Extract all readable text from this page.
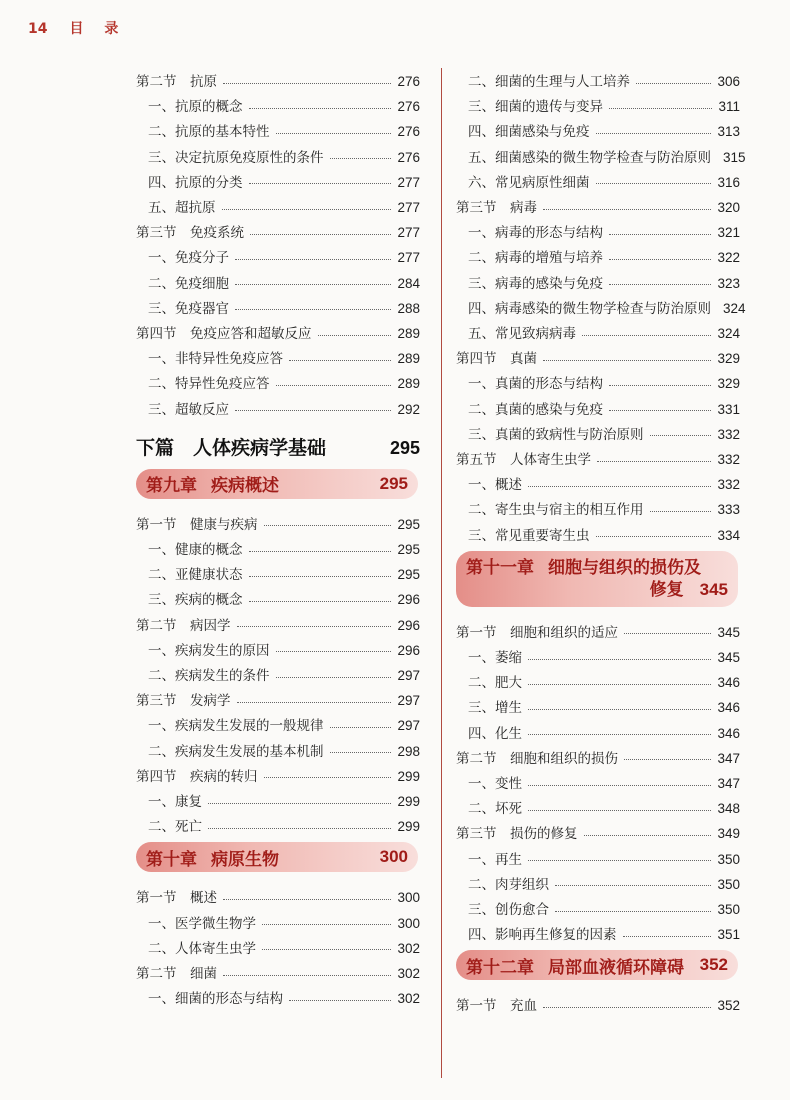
14 目 录
第二节　抗原	276
一、抗原的概念	276
二、抗原的基本特性	276
三、决定抗原免疫原性的条件	276
四、抗原的分类	277
五、超抗原	277
第三节　免疫系统	277
一、免疫分子	277
二、免疫细胞	284
三、免疫器官	288
第四节　免疫应答和超敏反应	289
一、非特异性免疫应答	289
二、特异性免疫应答	289
三、超敏反应	292
下篇　人体疾病学基础	295
第九章 疾病概述	295
第一节　健康与疾病	295
一、健康的概念	295
二、亚健康状态	295
三、疾病的概念	296
第二节　病因学	296
一、疾病发生的原因	296
二、疾病发生的条件	297
第三节　发病学	297
一、疾病发生发展的一般规律	297
二、疾病发生发展的基本机制	298
第四节　疾病的转归	299
一、康复	299
二、死亡	299
第十章 病原生物	300
第一节　概述	300
一、医学微生物学	300
二、人体寄生虫学	302
第二节　细菌	302
一、细菌的形态与结构	302
二、细菌的生理与人工培养	306
三、细菌的遗传与变异	311
四、细菌感染与免疫	313
五、细菌感染的微生物学检查与防治原则 315
六、常见病原性细菌	316
第三节　病毒	320
一、病毒的形态与结构	321
二、病毒的增殖与培养	322
三、病毒的感染与免疫	323
四、病毒感染的微生物学检查与防治原则 324
五、常见致病病毒	324
第四节　真菌	329
一、真菌的形态与结构	329
二、真菌的感染与免疫	331
三、真菌的致病性与防治原则	332
第五节　人体寄生虫学	332
一、概述	332
二、寄生虫与宿主的相互作用	333
三、常见重要寄生虫	334
第十一章 细胞与组织的损伤及
修复 345
第一节　细胞和组织的适应	345
一、萎缩	345
二、肥大	346
三、增生	346
四、化生	346
第二节　细胞和组织的损伤	347
一、变性	347
二、坏死	348
第三节　损伤的修复	349
一、再生	350
二、肉芽组织	350
三、创伤愈合	350
四、影响再生修复的因素	351
第十二章 局部血液循环障碍 352
第一节　充血	352
